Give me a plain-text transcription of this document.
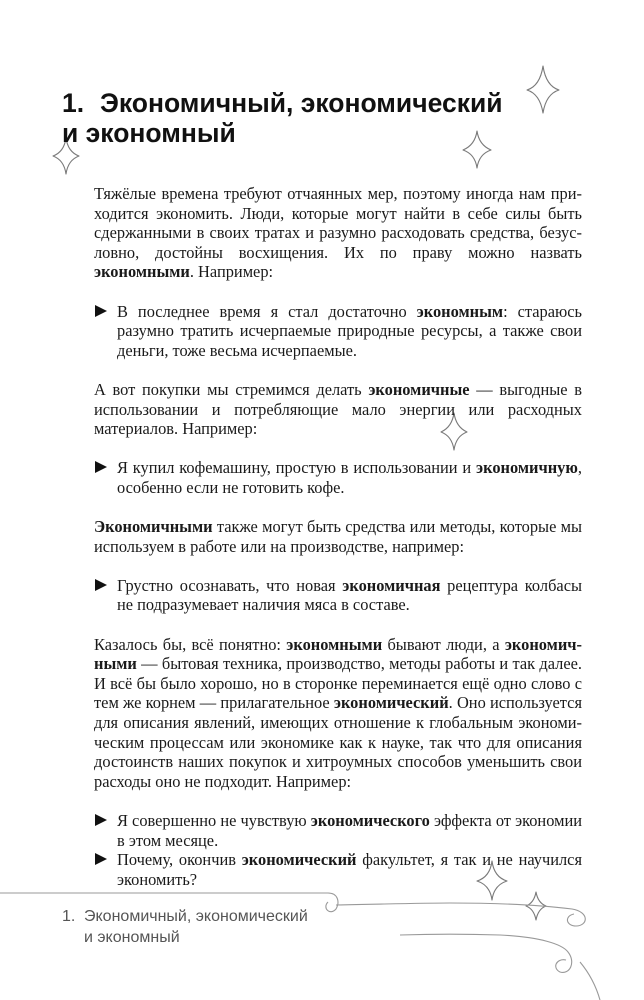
1. Экономичный, экономический
и экономный

Тяжёлые времена требуют отчаянных мер, поэтому иногда нам приходится экономить. Люди, которые могут найти в себе силы быть сдержанными в своих тратах и разумно расходовать средства, безусловно, достойны восхищения. Их по праву можно назвать экономными. Например:

В последнее время я стал достаточно экономным: стараюсь разумно тратить исчерпаемые природные ресурсы, а также свои деньги, тоже весьма исчерпаемые.

А вот покупки мы стремимся делать экономичные — выгодные в использовании и потребляющие мало энергии или расходных материалов. Например:

Я купил кофемашину, простую в использовании и экономичную, особенно если не готовить кофе.

Экономичными также могут быть средства или методы, которые мы используем в работе или на производстве, например:

Грустно осознавать, что новая экономичная рецептура колбасы не подразумевает наличия мяса в составе.

Казалось бы, всё понятно: экономными бывают люди, а экономичными — бытовая техника, производство, методы работы и так далее. И всё бы было хорошо, но в сторонке переминается ещё одно слово с тем же корнем — прилагательное экономический. Оно используется для описания явлений, имеющих отношение к глобальным экономическим процессам или экономике как к науке, так что для описания достоинств наших покупок и хитроумных способов уменьшить свои расходы оно не подходит. Например:

Я совершенно не чувствую экономического эффекта от экономии в этом месяце.
Почему, окончив экономический факультет, я так и не научился экономить?
1. Экономичный, экономический
и экономный
